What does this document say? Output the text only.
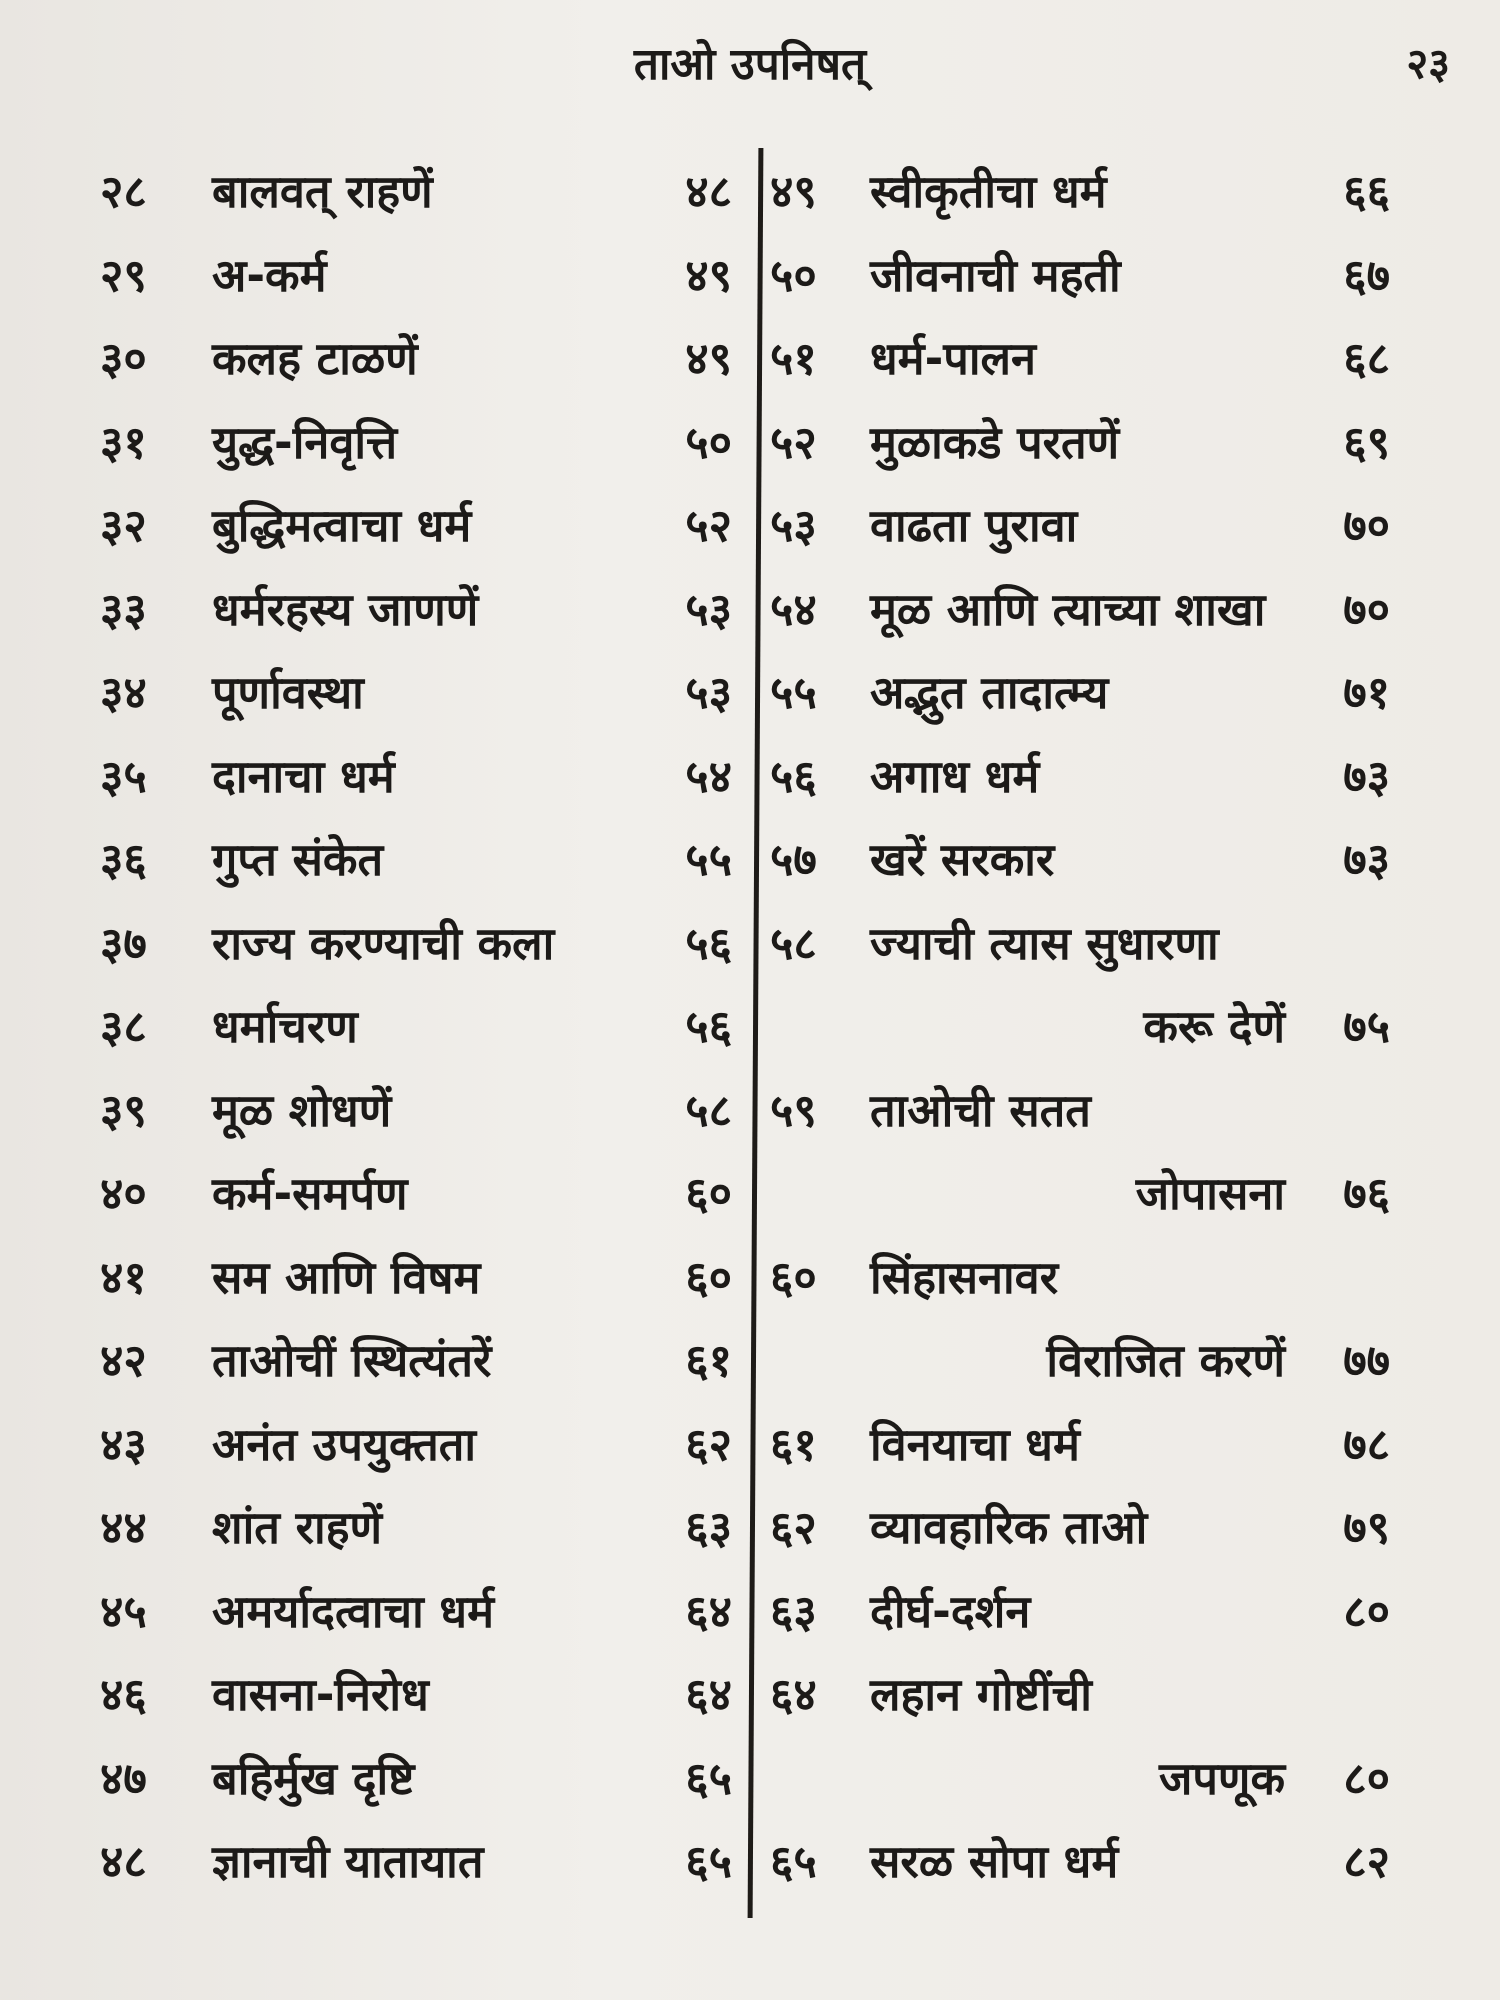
ताओ उपनिषत्	२३
२८	बालवत् राहणें	४८
२९	अ-कर्म	४९
३०	कलह टाळणें	४९
३१	युद्ध-निवृत्ति	५०
३२	बुद्धिमत्वाचा धर्म	५२
३३	धर्मरहस्य जाणणें	५३
३४	पूर्णावस्था	५३
३५	दानाचा धर्म	५४
३६	गुप्त संकेत	५५
३७	राज्य करण्याची कला	५६
३८	धर्माचरण	५६
३९	मूळ शोधणें	५८
४०	कर्म-समर्पण	६०
४१	सम आणि विषम	६०
४२	ताओचीं स्थित्यंतरें	६१
४३	अनंत उपयुक्तता	६२
४४	शांत राहणें	६३
४५	अमर्यादत्वाचा धर्म	६४
४६	वासना-निरोध	६४
४७	बहिर्मुख दृष्टि	६५
४८	ज्ञानाची यातायात	६५
४९	स्वीकृतीचा धर्म	६६
५०	जीवनाची महती	६७
५१	धर्म-पालन	६८
५२	मुळाकडे परतणें	६९
५३	वाढता पुरावा	७०
५४	मूळ आणि त्याच्या शाखा ७०
५५	अद्भुत तादात्म्य	७१
५६	अगाध धर्म	७३
५७	खरें सरकार	७३
५८	ज्याची त्यास सुधारणा
करू देणें ७५
५९	ताओची सतत
जोपासना ७६
६०	सिंहासनावर
विराजित करणें ७७
६१	विनयाचा धर्म	७८
६२	व्यावहारिक ताओ	७९
६३	दीर्घ-दर्शन	८०
६४	लहान गोष्टींची
जपणूक ८०
६५	सरळ सोपा धर्म	८२
